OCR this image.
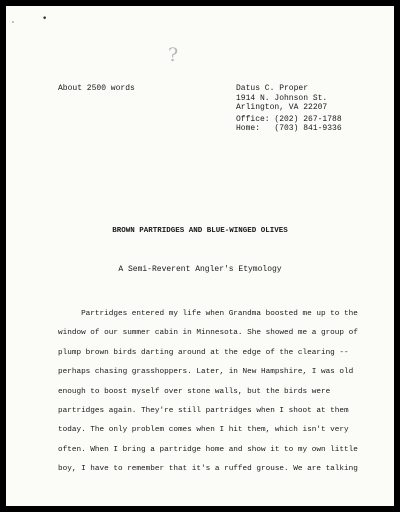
'	•
?
About 2500 words	Datus C. Proper
1914 N. Johnson St.
Arlington, VA 22207
Office: (202) 267-1788
Home:   (703) 841-9336
BROWN PARTRIDGES AND BLUE-WINGED OLIVES
A Semi-Reverent Angler's Etymology
Partridges entered my life when Grandma boosted me up to the
window of our summer cabin in Minnesota. She showed me a group of
plump brown birds darting around at the edge of the clearing --
perhaps chasing grasshoppers. Later, in New Hampshire, I was old
enough to boost myself over stone walls, but the birds were
partridges again. They're still partridges when I shoot at them
today. The only problem comes when I hit them, which isn't very
often. When I bring a partridge home and show it to my own little
boy, I have to remember that it's a ruffed grouse. We are talking
